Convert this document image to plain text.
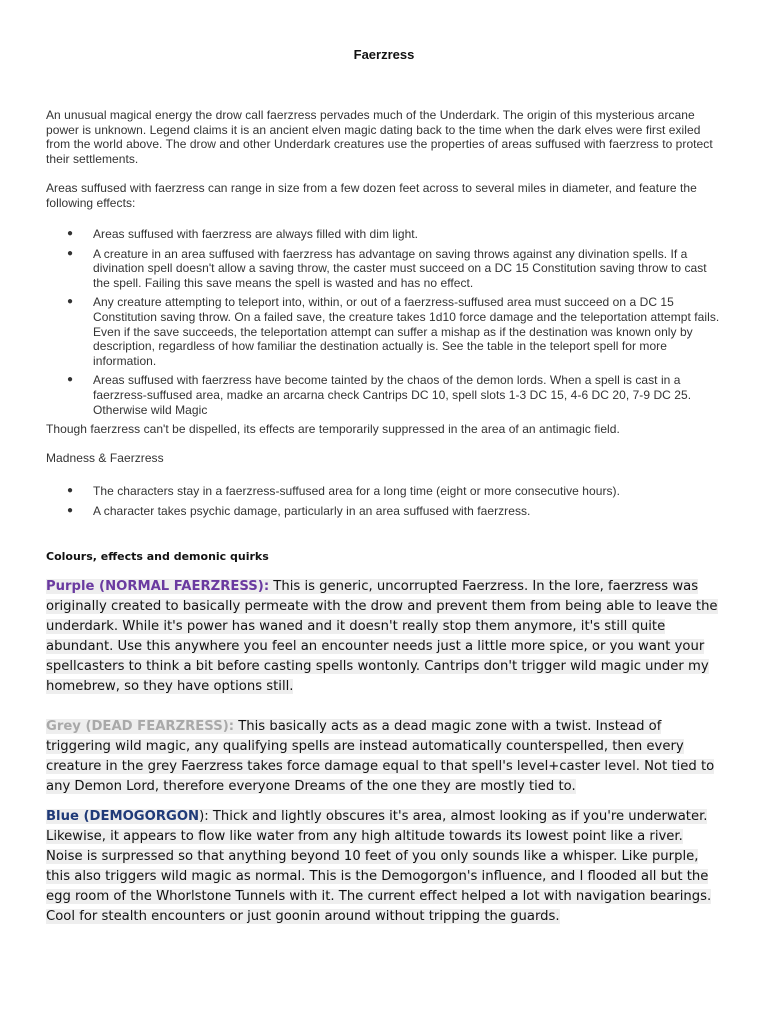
Faerzress
An unusual magical energy the drow call faerzress pervades much of the Underdark. The origin of this mysterious arcane power is unknown. Legend claims it is an ancient elven magic dating back to the time when the dark elves were first exiled from the world above. The drow and other Underdark creatures use the properties of areas suffused with faerzress to protect their settlements.
Areas suffused with faerzress can range in size from a few dozen feet across to several miles in diameter, and feature the following effects:
● Areas suffused with faerzress are always filled with dim light.
● A creature in an area suffused with faerzress has advantage on saving throws against any divination spells. If a divination spell doesn't allow a saving throw, the caster must succeed on a DC 15 Constitution saving throw to cast the spell. Failing this save means the spell is wasted and has no effect.
● Any creature attempting to teleport into, within, or out of a faerzress-suffused area must succeed on a DC 15 Constitution saving throw. On a failed save, the creature takes 1d10 force damage and the teleportation attempt fails. Even if the save succeeds, the teleportation attempt can suffer a mishap as if the destination was known only by description, regardless of how familiar the destination actually is. See the table in the teleport spell for more information.
● Areas suffused with faerzress have become tainted by the chaos of the demon lords. When a spell is cast in a faerzress-suffused area, madke an arcarna check Cantrips DC 10, spell slots 1-3 DC 15, 4-6 DC 20, 7-9 DC 25. Otherwise wild Magic
Though faerzress can't be dispelled, its effects are temporarily suppressed in the area of an antimagic field.
Madness & Faerzress
● The characters stay in a faerzress-suffused area for a long time (eight or more consecutive hours).
● A character takes psychic damage, particularly in an area suffused with faerzress.
Colours, effects and demonic quirks
Purple (NORMAL FAERZRESS): This is generic, uncorrupted Faerzress. In the lore, faerzress was originally created to basically permeate with the drow and prevent them from being able to leave the underdark. While it's power has waned and it doesn't really stop them anymore, it's still quite abundant. Use this anywhere you feel an encounter needs just a little more spice, or you want your spellcasters to think a bit before casting spells wontonly. Cantrips don't trigger wild magic under my homebrew, so they have options still.
Grey (DEAD FEARZRESS): This basically acts as a dead magic zone with a twist. Instead of triggering wild magic, any qualifying spells are instead automatically counterspelled, then every creature in the grey Faerzress takes force damage equal to that spell's level+caster level. Not tied to any Demon Lord, therefore everyone Dreams of the one they are mostly tied to.
Blue (DEMOGORGON): Thick and lightly obscures it's area, almost looking as if you're underwater. Likewise, it appears to flow like water from any high altitude towards its lowest point like a river. Noise is surpressed so that anything beyond 10 feet of you only sounds like a whisper. Like purple, this also triggers wild magic as normal. This is the Demogorgon's influence, and I flooded all but the egg room of the Whorlstone Tunnels with it. The current effect helped a lot with navigation bearings. Cool for stealth encounters or just goonin around without tripping the guards.
